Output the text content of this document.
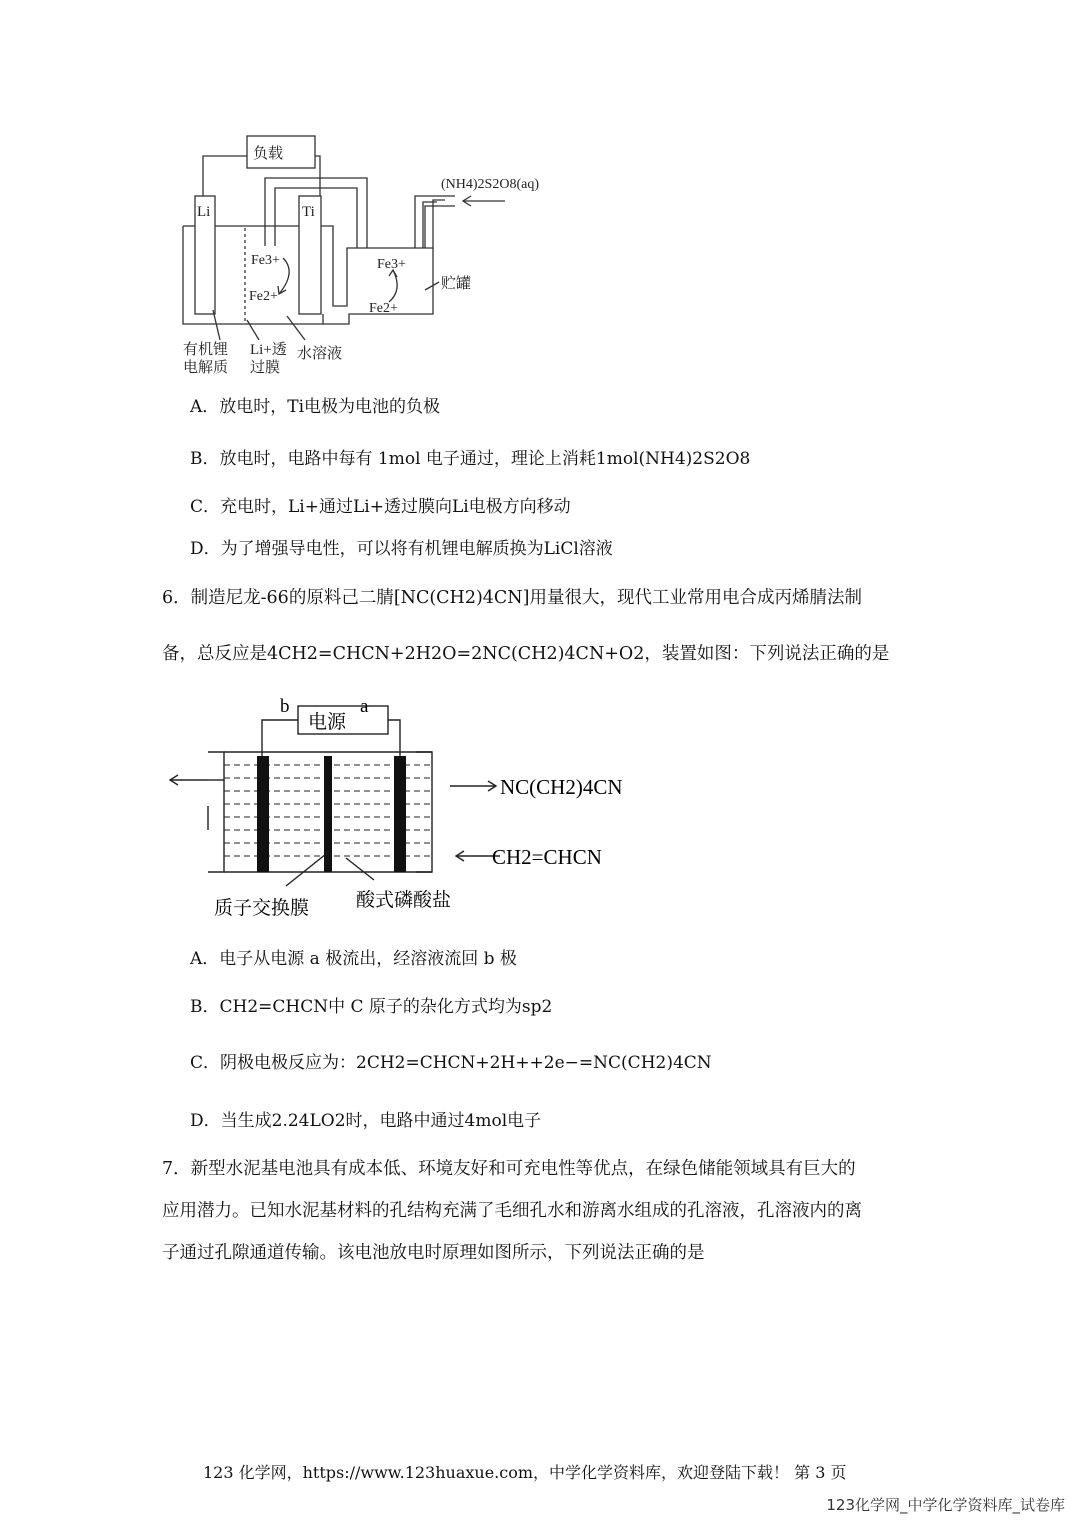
负载
Li	Ti
(NH4)2S2O8(aq)
Fe3+
Fe2+
Fe3+
Fe2+
贮罐
有机锂
电解质
Li+透
过膜
水溶液
A．放电时，Ti电极为电池的负极
B．放电时，电路中每有 1mol 电子通过，理论上消耗1mol(NH4)2S2O8
C．充电时，Li+通过Li+透过膜向Li电极方向移动
D．为了增强导电性，可以将有机锂电解质换为LiCl溶液
6．制造尼龙-66的原料己二腈[NC(CH2)4CN]用量很大，现代工业常用电合成丙烯腈法制
备，总反应是4CH2=CHCN+2H2O=2NC(CH2)4CN+O2，装置如图：下列说法正确的是
b
电源
a
NC(CH2)4CN
CH2=CHCN
质子交换膜 酸式磷酸盐
A．电子从电源 a 极流出，经溶液流回 b 极
B．CH2=CHCN中 C 原子的杂化方式均为sp2
C．阴极电极反应为：2CH2=CHCN+2H++2e−=NC(CH2)4CN
D．当生成2.24LO2时，电路中通过4mol电子
7．新型水泥基电池具有成本低、环境友好和可充电性等优点，在绿色储能领域具有巨大的
应用潜力。已知水泥基材料的孔结构充满了毛细孔水和游离水组成的孔溶液，孔溶液内的离
子通过孔隙通道传输。该电池放电时原理如图所示，下列说法正确的是
123 化学网，https://www.123huaxue.com，中学化学资料库，欢迎登陆下载！ 第 3 页
123化学网_中学化学资料库_试卷库
